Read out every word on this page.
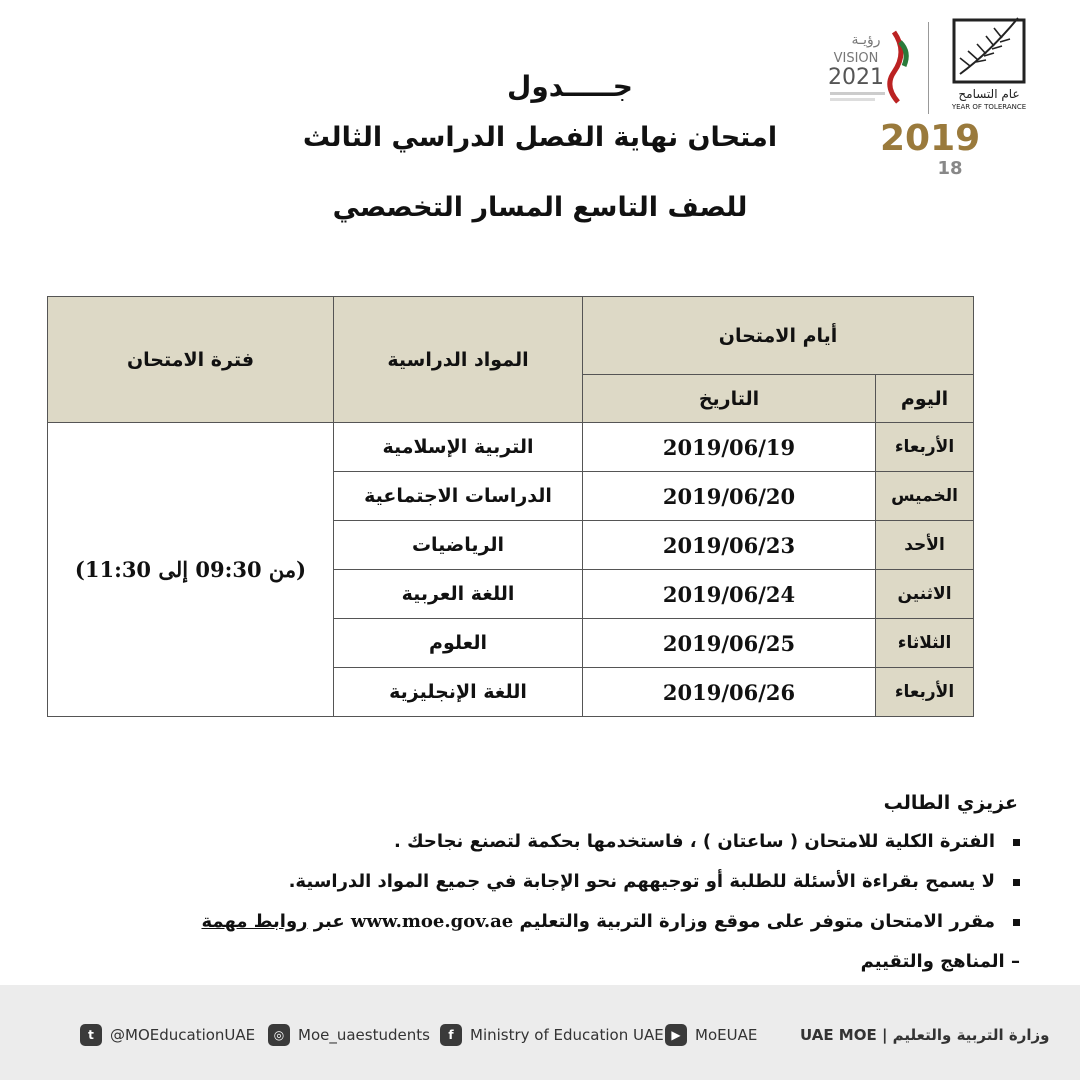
عام التسامح
YEAR OF TOLERANCE
رؤيـة
VISION
2021
2019
18
جـــــدول
امتحان نهاية الفصل الدراسي الثالث
للصف التاسع المسار التخصصي
أيام الامتحان		المواد الدراسية	فترة الامتحان
اليوم	التاريخ		
الأربعاء	2019/06/19	التربية الإسلامية	(من 09:30 إلى 11:30)
الخميس	2019/06/20	الدراسات الاجتماعية	
الأحد	2019/06/23	الرياضيات	
الاثنين	2019/06/24	اللغة العربية	
الثلاثاء	2019/06/25	العلوم	
الأربعاء	2019/06/26	اللغة الإنجليزية	
عزيزي الطالب
الفترة الكلية للامتحان ( ساعتان ) ، فاستخدمها بحكمة لتصنع نجاحك .
لا يسمح بقراءة الأسئلة للطلبة أو توجيههم نحو الإجابة في جميع المواد الدراسية.
مقرر الامتحان متوفر على موقع وزارة التربية والتعليم www.moe.gov.ae عبر روابط مهمة – المناهج والتقييم
t	@MOEducationUAE	◎ Moe_uaestudents	f	Ministry of Education UAE ▶ MoEUAE	UAE MOE | وزارة التربية والتعليم
